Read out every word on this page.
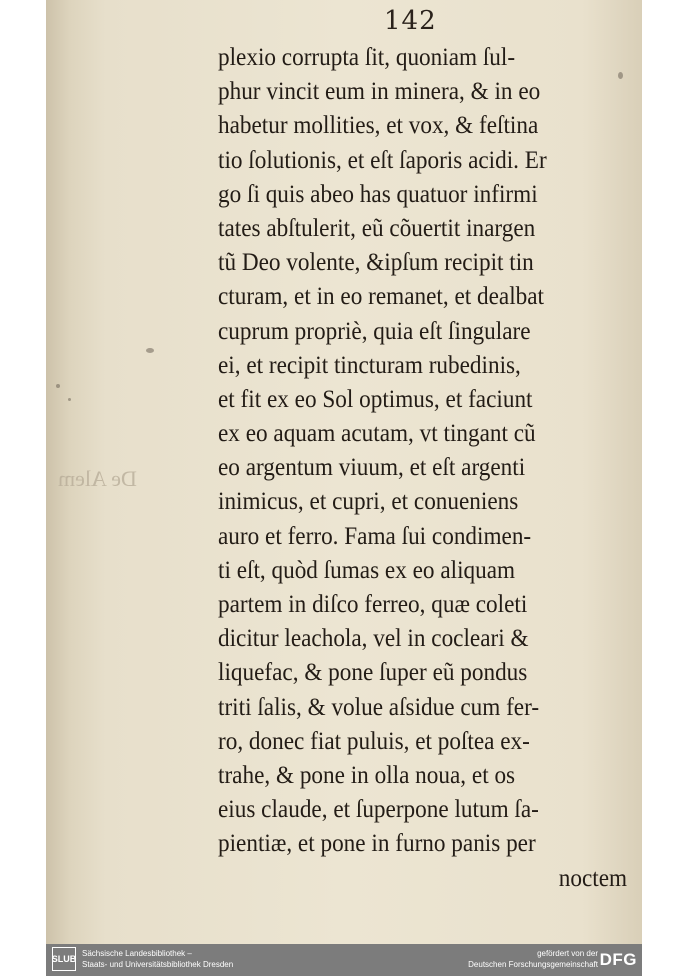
De Alem

142

plexio corrupta ſit, quoniam ſul-
phur vincit eum in minera, & in eo
habetur mollities, et vox, & feſtina
tio ſolutionis, et eſt ſaporis acidi. Er
go ſi quis abeo has quatuor infirmi
tates abſtulerit, eũ cõuertit inargen
tũ Deo volente, &ipſum recipit tin
cturam, et in eo remanet, et dealbat
cuprum propriè, quia eſt ſingulare
ei, et recipit tincturam rubedinis,
et fit ex eo Sol optimus, et faciunt
ex eo aquam acutam, vt tingant cũ
eo argentum viuum, et eſt argenti
inimicus, et cupri, et conueniens
auro et ferro. Fama ſui condimen-
ti eſt, quòd ſumas ex eo aliquam
partem in diſco ferreo, quæ coleti
dicitur leachola, vel in cocleari &
liquefac, & pone ſuper eũ pondus
triti ſalis, & volue aſsidue cum fer-
ro, donec fiat puluis, et poſtea ex-
trahe, & pone in olla noua, et os
eius claude, et ſuperpone lutum ſa-
pientiæ, et pone in furno panis per
noctem
SLUB
Sächsische Landesbibliothek –
Staats- und Universitätsbibliothek Dresden
gefördert von der
Deutschen Forschungsgemeinschaft DFG
